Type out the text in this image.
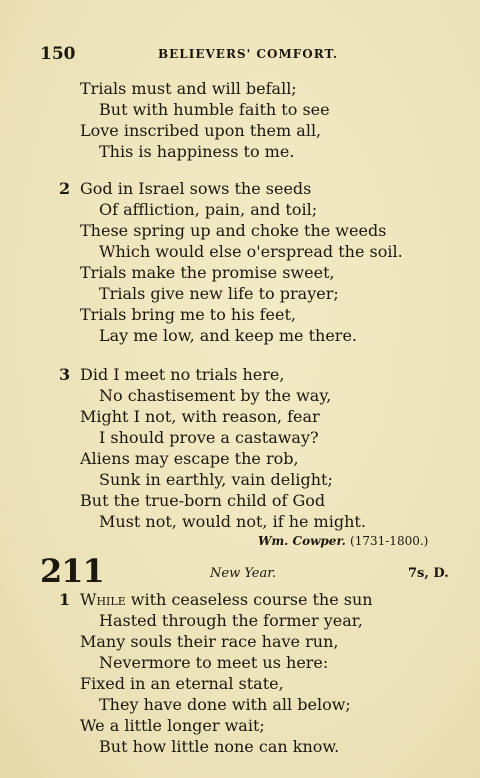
150	BELIEVERS' COMFORT.
Trials must and will befall;
But with humble faith to see
Love inscribed upon them all,
This is happiness to me.
2 God in Israel sows the seeds
Of affliction, pain, and toil;
These spring up and choke the weeds
Which would else o'erspread the soil.
Trials make the promise sweet,
Trials give new life to prayer;
Trials bring me to his feet,
Lay me low, and keep me there.
3 Did I meet no trials here,
No chastisement by the way,
Might I not, with reason, fear
I should prove a castaway?
Aliens may escape the rob,
Sunk in earthly, vain delight;
But the true-born child of God
Must not, would not, if he might.
Wm. Cowper. (1731-1800.)
211	New Year.	7s, D.
1 While with ceaseless course the sun
Hasted through the former year,
Many souls their race have run,
Nevermore to meet us here:
Fixed in an eternal state,
They have done with all below;
We a little longer wait;
But how little none can know.
